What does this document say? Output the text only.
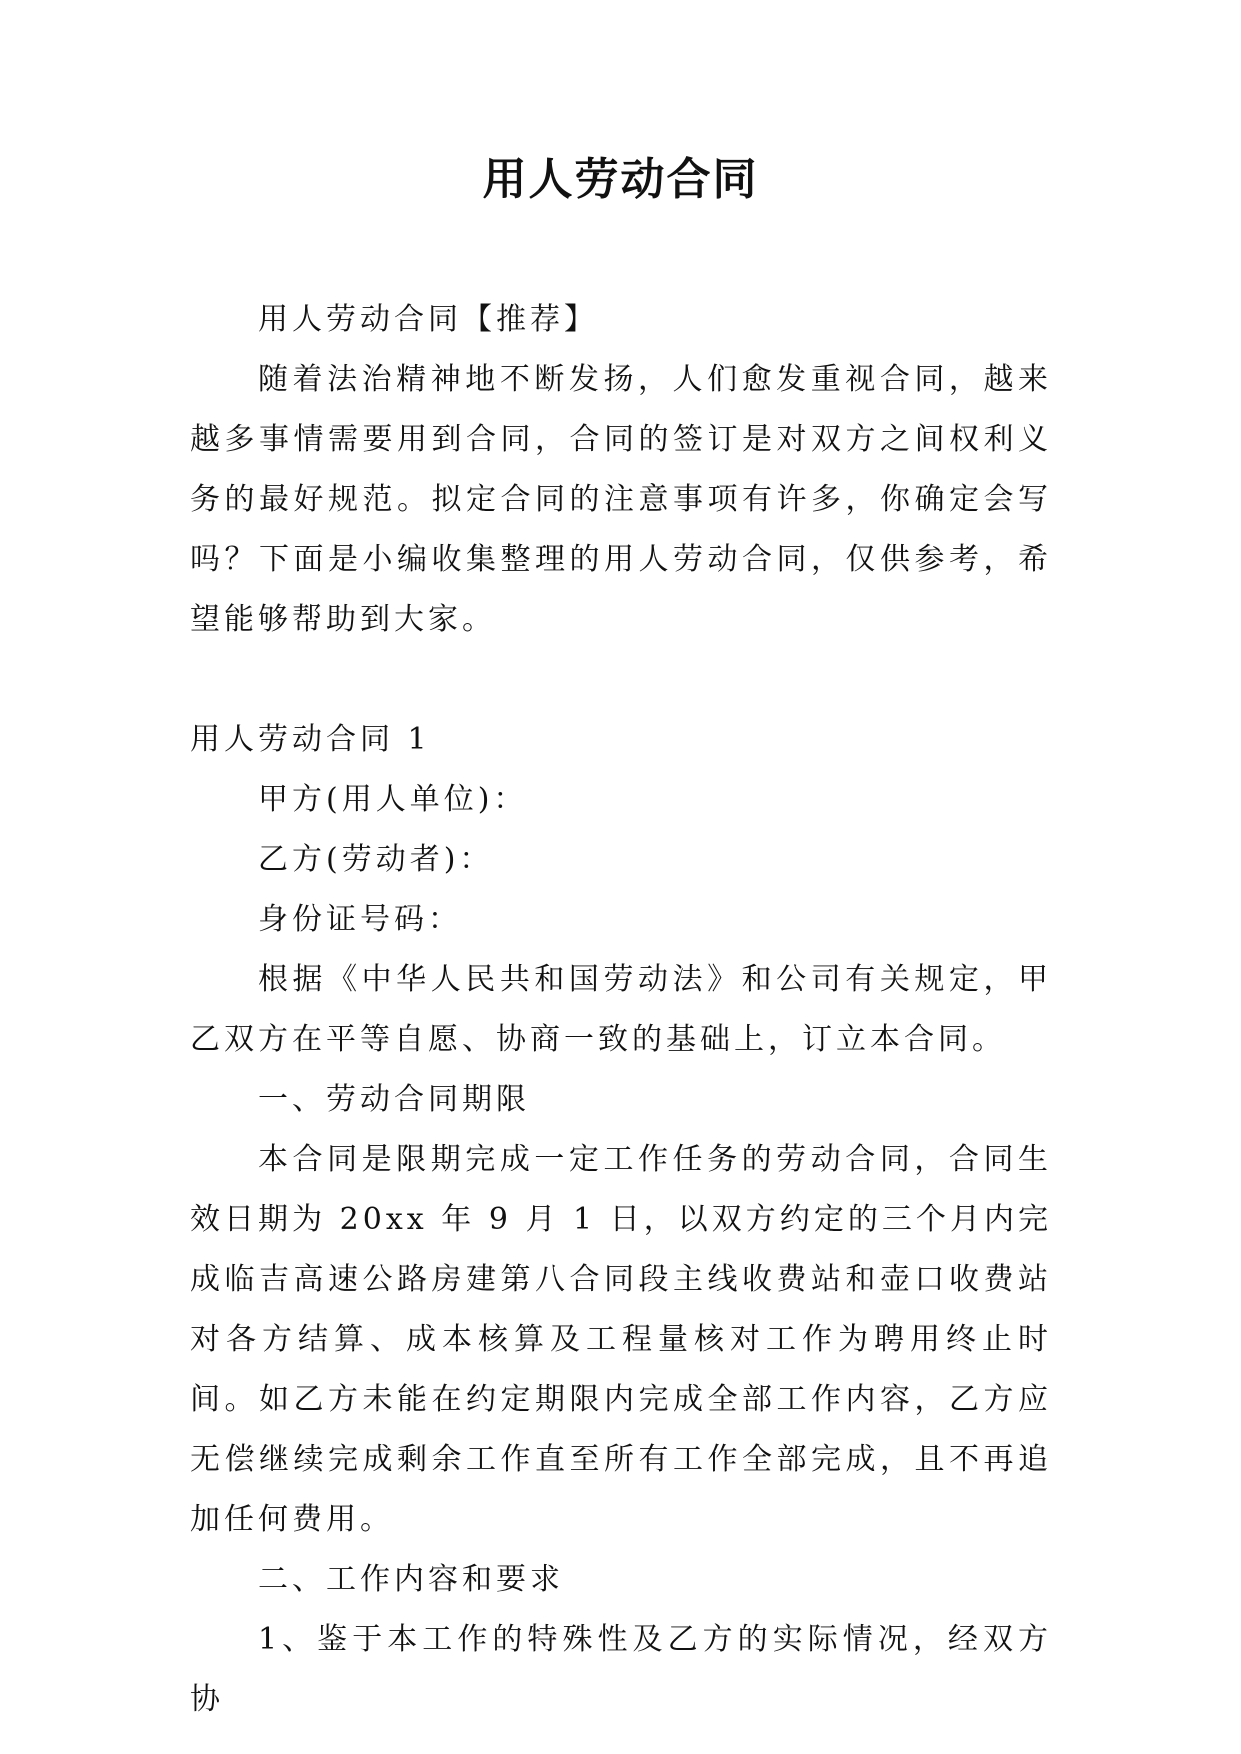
用人劳动合同

用人劳动合同【推荐】

随着法治精神地不断发扬，人们愈发重视合同，越来越多事情需要用到合同，合同的签订是对双方之间权利义务的最好规范。拟定合同的注意事项有许多，你确定会写吗？下面是小编收集整理的用人劳动合同，仅供参考，希望能够帮助到大家。

用人劳动合同 1

甲方(用人单位)：

乙方(劳动者)：

身份证号码：

根据《中华人民共和国劳动法》和公司有关规定，甲乙双方在平等自愿、协商一致的基础上，订立本合同。

一、劳动合同期限

本合同是限期完成一定工作任务的劳动合同，合同生效日期为 20xx 年 9 月 1 日，以双方约定的三个月内完成临吉高速公路房建第八合同段主线收费站和壶口收费站对各方结算、成本核算及工程量核对工作为聘用终止时间。如乙方未能在约定期限内完成全部工作内容，乙方应无偿继续完成剩余工作直至所有工作全部完成，且不再追加任何费用。

二、工作内容和要求

1、鉴于本工作的特殊性及乙方的实际情况，经双方协
